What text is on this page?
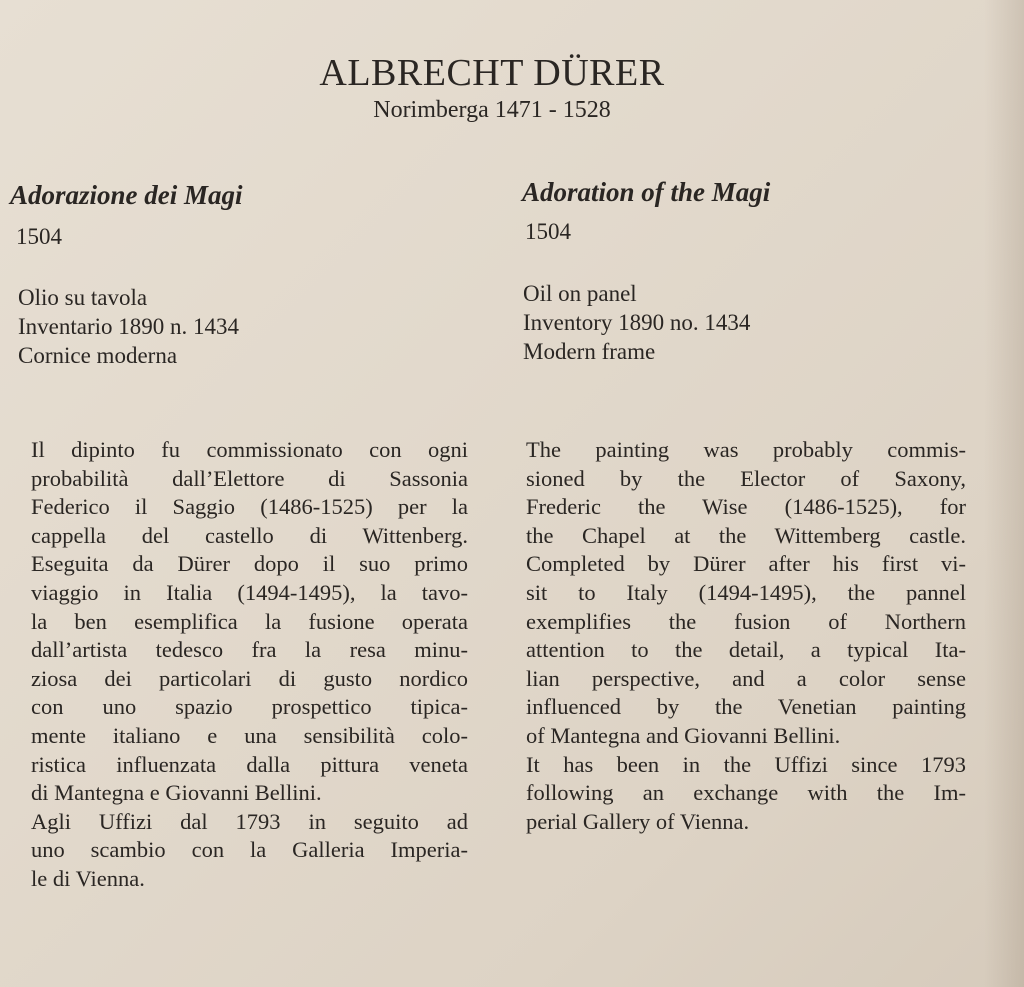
ALBRECHT DÜRER
Norimberga 1471 - 1528
Adorazione dei Magi
1504
Olio su tavola
Inventario 1890 n. 1434
Cornice moderna
Il dipinto fu commissionato con ogni
probabilità dall’Elettore di Sassonia
Federico il Saggio (1486-1525) per la
cappella del castello di Wittenberg.
Eseguita da Dürer dopo il suo primo
viaggio in Italia (1494-1495), la tavo-
la ben esemplifica la fusione operata
dall’artista tedesco fra la resa minu-
ziosa dei particolari di gusto nordico
con uno spazio prospettico tipica-
mente italiano e una sensibilità colo-
ristica influenzata dalla pittura veneta
di Mantegna e Giovanni Bellini.
Agli Uffizi dal 1793 in seguito ad
uno scambio con la Galleria Imperia-
le di Vienna.
Adoration of the Magi
1504
Oil on panel
Inventory 1890 no. 1434
Modern frame
The painting was probably commis-
sioned by the Elector of Saxony,
Frederic the Wise (1486-1525), for
the Chapel at the Wittemberg castle.
Completed by Dürer after his first vi-
sit to Italy (1494-1495), the pannel
exemplifies the fusion of Northern
attention to the detail, a typical Ita-
lian perspective, and a color sense
influenced by the Venetian painting
of Mantegna and Giovanni Bellini.
It has been in the Uffizi since 1793
following an exchange with the Im-
perial Gallery of Vienna.
